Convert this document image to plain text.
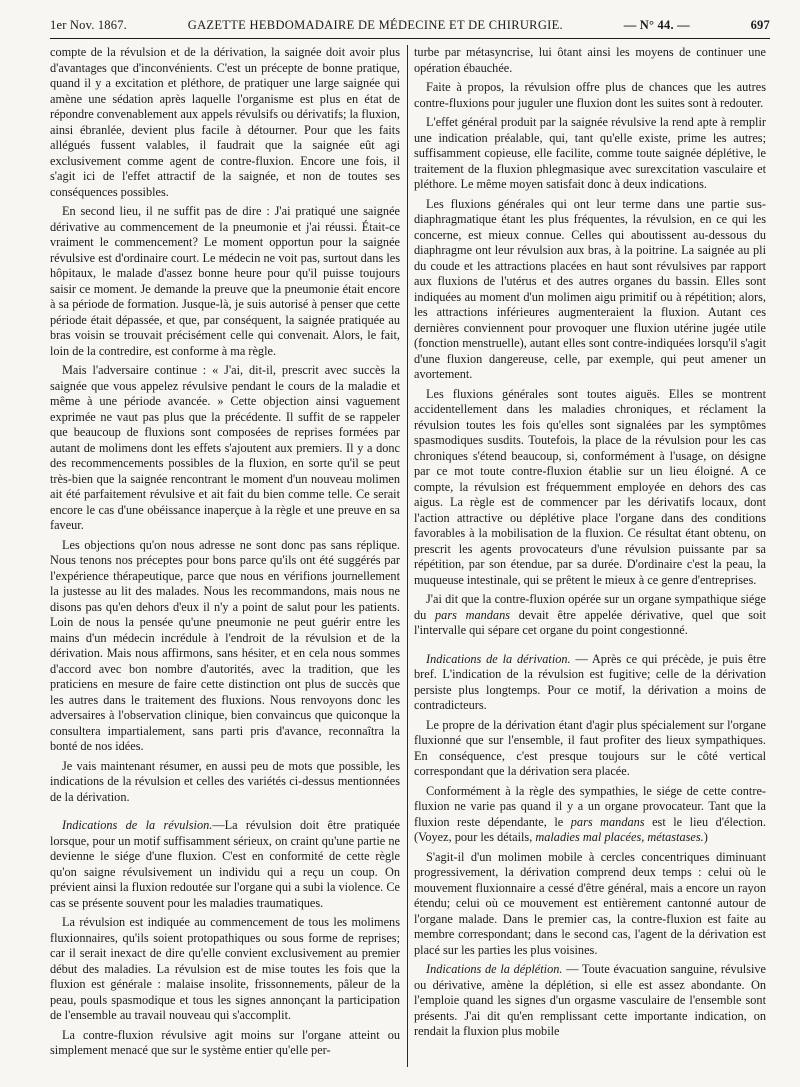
1er Nov. 1867.	GAZETTE HEBDOMADAIRE DE MÉDECINE ET DE CHIRURGIE.	— N° 44. —	697

compte de la révulsion et de la dérivation, la saignée doit avoir plus d'avantages que d'inconvénients. C'est un précepte de bonne pratique, quand il y a excitation et pléthore, de pratiquer une large saignée qui amène une sédation après laquelle l'organisme est plus en état de répondre convenablement aux appels révulsifs ou dérivatifs; la fluxion, ainsi ébranlée, devient plus facile à détourner. Pour que les faits allégués fussent valables, il faudrait que la saignée eût agi exclusivement comme agent de contre-fluxion. Encore une fois, il s'agit ici de l'effet attractif de la saignée, et non de toutes ses conséquences possibles.

En second lieu, il ne suffit pas de dire : J'ai pratiqué une saignée dérivative au commencement de la pneumonie et j'ai réussi. Était-ce vraiment le commencement? Le moment opportun pour la saignée révulsive est d'ordinaire court. Le médecin ne voit pas, surtout dans les hôpitaux, le malade d'assez bonne heure pour qu'il puisse toujours saisir ce moment. Je demande la preuve que la pneumonie était encore à sa période de formation. Jusque-là, je suis autorisé à penser que cette période était dépassée, et que, par conséquent, la saignée pratiquée au bras voisin se trouvait précisément celle qui convenait. Alors, le fait, loin de la contredire, est conforme à ma règle.

Mais l'adversaire continue : « J'ai, dit-il, prescrit avec succès la saignée que vous appelez révulsive pendant le cours de la maladie et même à une période avancée. » Cette objection ainsi vaguement exprimée ne vaut pas plus que la précédente. Il suffit de se rappeler que beaucoup de fluxions sont composées de reprises formées par autant de molimens dont les effets s'ajoutent aux premiers. Il y a donc des recommencements possibles de la fluxion, en sorte qu'il se peut très-bien que la saignée rencontrant le moment d'un nouveau molimen ait été parfaitement révulsive et ait fait du bien comme telle. Ce serait encore le cas d'une obéissance inaperçue à la règle et une preuve en sa faveur.

Les objections qu'on nous adresse ne sont donc pas sans réplique. Nous tenons nos préceptes pour bons parce qu'ils ont été suggérés par l'expérience thérapeutique, parce que nous en vérifions journellement la justesse au lit des malades. Nous les recommandons, mais nous ne disons pas qu'en dehors d'eux il n'y a point de salut pour les patients. Loin de nous la pensée qu'une pneumonie ne peut guérir entre les mains d'un médecin incrédule à l'endroit de la révulsion et de la dérivation. Mais nous affirmons, sans hésiter, et en cela nous sommes d'accord avec bon nombre d'autorités, avec la tradition, que les praticiens en mesure de faire cette distinction ont plus de succès que les autres dans le traitement des fluxions. Nous renvoyons donc les adversaires à l'observation clinique, bien convaincus que quiconque la consultera impartialement, sans parti pris d'avance, reconnaîtra la bonté de nos idées.

Je vais maintenant résumer, en aussi peu de mots que possible, les indications de la révulsion et celles des variétés ci-dessus mentionnées de la dérivation.

Indications de la révulsion.—La révulsion doit être pratiquée lorsque, pour un motif suffisamment sérieux, on craint qu'une partie ne devienne le siége d'une fluxion. C'est en conformité de cette règle qu'on saigne révulsivement un individu qui a reçu un coup. On prévient ainsi la fluxion redoutée sur l'organe qui a subi la violence. Ce cas se présente souvent pour les maladies traumatiques.

La révulsion est indiquée au commencement de tous les molimens fluxionnaires, qu'ils soient protopathiques ou sous forme de reprises; car il serait inexact de dire qu'elle convient exclusivement au premier début des maladies. La révulsion est de mise toutes les fois que la fluxion est générale : malaise insolite, frissonnements, pâleur de la peau, pouls spasmodique et tous les signes annonçant la participation de l'ensemble au travail nouveau qui s'accomplit.

La contre-fluxion révulsive agit moins sur l'organe atteint ou simplement menacé que sur le système entier qu'elle per-

turbe par métasyncrise, lui ôtant ainsi les moyens de continuer une opération ébauchée.

Faite à propos, la révulsion offre plus de chances que les autres contre-fluxions pour juguler une fluxion dont les suites sont à redouter.

L'effet général produit par la saignée révulsive la rend apte à remplir une indication préalable, qui, tant qu'elle existe, prime les autres; suffisamment copieuse, elle facilite, comme toute saignée déplétive, le traitement de la fluxion phlegmasique avec surexcitation vasculaire et pléthore. Le même moyen satisfait donc à deux indications.

Les fluxions générales qui ont leur terme dans une partie sus-diaphragmatique étant les plus fréquentes, la révulsion, en ce qui les concerne, est mieux connue. Celles qui aboutissent au-dessous du diaphragme ont leur révulsion aux bras, à la poitrine. La saignée au pli du coude et les attractions placées en haut sont révulsives par rapport aux fluxions de l'utérus et des autres organes du bassin. Elles sont indiquées au moment d'un molimen aigu primitif ou à répétition; alors, les attractions inférieures augmenteraient la fluxion. Autant ces dernières conviennent pour provoquer une fluxion utérine jugée utile (fonction menstruelle), autant elles sont contre-indiquées lorsqu'il s'agit d'une fluxion dangereuse, celle, par exemple, qui peut amener un avortement.

Les fluxions générales sont toutes aiguës. Elles se montrent accidentellement dans les maladies chroniques, et réclament la révulsion toutes les fois qu'elles sont signalées par les symptômes spasmodiques susdits. Toutefois, la place de la révulsion pour les cas chroniques s'étend beaucoup, si, conformément à l'usage, on désigne par ce mot toute contre-fluxion établie sur un lieu éloigné. A ce compte, la révulsion est fréquemment employée en dehors des cas aigus. La règle est de commencer par les dérivatifs locaux, dont l'action attractive ou déplétive place l'organe dans des conditions favorables à la mobilisation de la fluxion. Ce résultat étant obtenu, on prescrit les agents provocateurs d'une révulsion puissante par sa répétition, par son étendue, par sa durée. D'ordinaire c'est la peau, la muqueuse intestinale, qui se prêtent le mieux à ce genre d'entreprises.

J'ai dit que la contre-fluxion opérée sur un organe sympathique siége du pars mandans devait être appelée dérivative, quel que soit l'intervalle qui sépare cet organe du point congestionné.

Indications de la dérivation. — Après ce qui précède, je puis être bref. L'indication de la révulsion est fugitive; celle de la dérivation persiste plus longtemps. Pour ce motif, la dérivation a moins de contradicteurs.

Le propre de la dérivation étant d'agir plus spécialement sur l'organe fluxionné que sur l'ensemble, il faut profiter des lieux sympathiques. En conséquence, c'est presque toujours sur le côté vertical correspondant que la dérivation sera placée.

Conformément à la règle des sympathies, le siége de cette contre-fluxion ne varie pas quand il y a un organe provocateur. Tant que la fluxion reste dépendante, le pars mandans est le lieu d'élection. (Voyez, pour les détails, maladies mal placées, métastases.)

S'agit-il d'un molimen mobile à cercles concentriques diminuant progressivement, la dérivation comprend deux temps : celui où le mouvement fluxionnaire a cessé d'être général, mais a encore un rayon étendu; celui où ce mouvement est entièrement cantonné autour de l'organe malade. Dans le premier cas, la contre-fluxion est faite au membre correspondant; dans le second cas, l'agent de la dérivation est placé sur les parties les plus voisines.

Indications de la déplétion. — Toute évacuation sanguine, révulsive ou dérivative, amène la déplétion, si elle est assez abondante. On l'emploie quand les signes d'un orgasme vasculaire de l'ensemble sont présents. J'ai dit qu'en remplissant cette importante indication, on rendait la fluxion plus mobile
